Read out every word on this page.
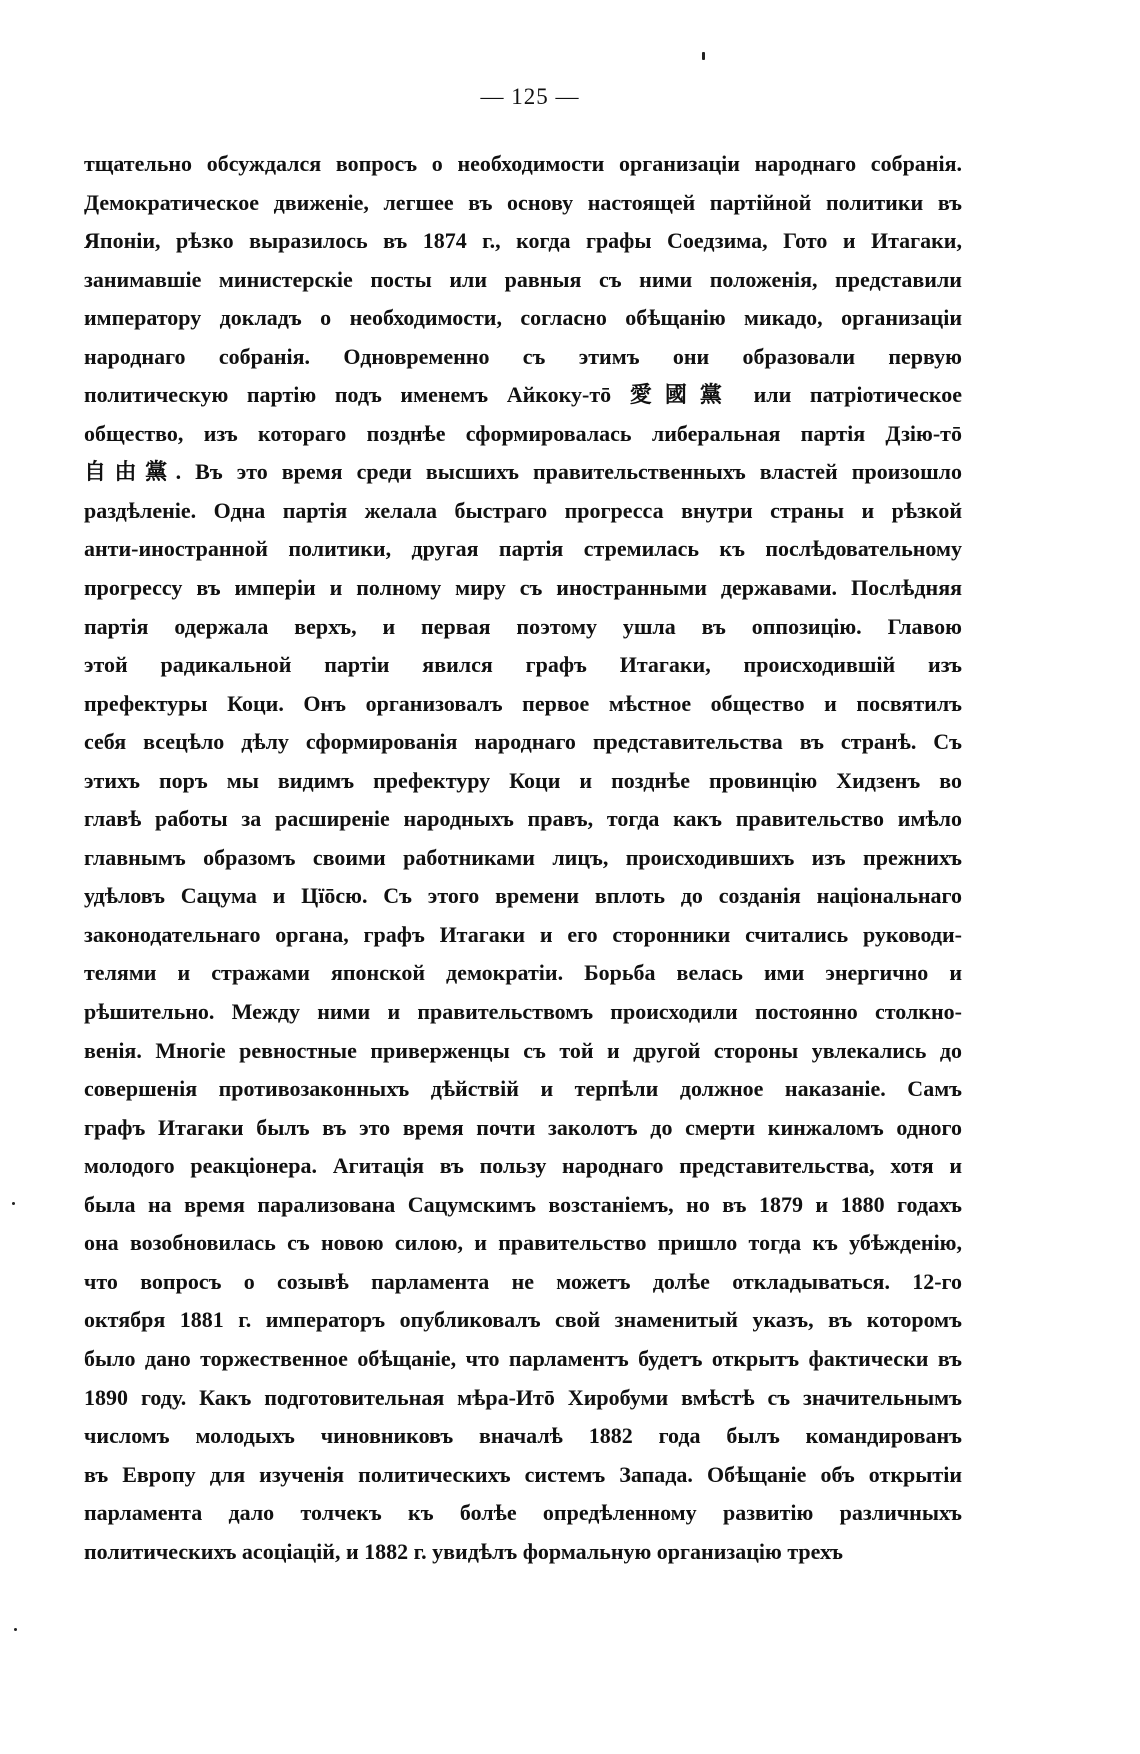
— 125 —
тщательно обсуждался вопросъ о необходимости организаціи народнаго собранія.
Демократическое движеніе, легшее въ основу настоящей партійной политики въ
Японіи, рѣзко выразилось въ 1874 г., когда графы Соедзима, Гото и Итагаки,
занимавшіе министерскіе посты или равныя съ ними положенія, представили
императору докладъ о необходимости, согласно обѣщанію микадо, организаціи
народнаго собранія. Одновременно съ этимъ они образовали первую
политическую партію подъ именемъ Айкоку-тō 愛國黨 или патріотическое
общество, изъ котораго позднѣе сформировалась либеральная партія Дзію-тō
自由黨. Въ это время среди высшихъ правительственныхъ властей произошло
раздѣленіе. Одна партія желала быстраго прогресса внутри страны и рѣзкой
анти-иностранной политики, другая партія стремилась къ послѣдовательному
прогрессу въ имперіи и полному миру съ иностранными державами. Послѣдняя
партія одержала верхъ, и первая поэтому ушла въ оппозицію. Главою
этой радикальной партіи явился графъ Итагаки, происходившій изъ
префектуры Коци. Онъ организовалъ первое мѣстное общество и посвятилъ
себя всецѣло дѣлу сформированія народнаго представительства въ странѣ. Съ
этихъ поръ мы видимъ префектуру Коци и позднѣе провинцію Хидзенъ во
главѣ работы за расширеніе народныхъ правъ, тогда какъ правительство имѣло
главнымъ образомъ своими работниками лицъ, происходившихъ изъ прежнихъ
удѣловъ Сацума и Цїōсю. Съ этого времени вплоть до созданія національнаго
законодательнаго органа, графъ Итагаки и его сторонники считались руководи-
телями и стражами японской демократіи. Борьба велась ими энергично и
рѣшительно. Между ними и правительствомъ происходили постоянно столкно-
венія. Многіе ревностные приверженцы съ той и другой стороны увлекались до
совершенія противозаконныхъ дѣйствій и терпѣли должное наказаніе. Самъ
графъ Итагаки былъ въ это время почти заколотъ до смерти кинжаломъ одного
молодого реакціонера. Агитація въ пользу народнаго представительства, хотя и
была на время парализована Сацумскимъ возстаніемъ, но въ 1879 и 1880 годахъ
она возобновилась съ новою силою, и правительство пришло тогда къ убѣжденію,
что вопросъ о созывѣ парламента не можетъ долѣе откладываться. 12-го
октября 1881 г. императоръ опубликовалъ свой знаменитый указъ, въ которомъ
было дано торжественное обѣщаніе, что парламентъ будетъ открытъ фактически въ
1890 году. Какъ подготовительная мѣра-Итō Хиробуми вмѣстѣ съ значительнымъ
числомъ молодыхъ чиновниковъ вначалѣ 1882 года былъ командированъ
въ Европу для изученія политическихъ системъ Запада. Обѣщаніе объ открытіи
парламента дало толчекъ къ болѣе опредѣленному развитію различныхъ
политическихъ асоціацій, и 1882 г. увидѣлъ формальную организацію трехъ
